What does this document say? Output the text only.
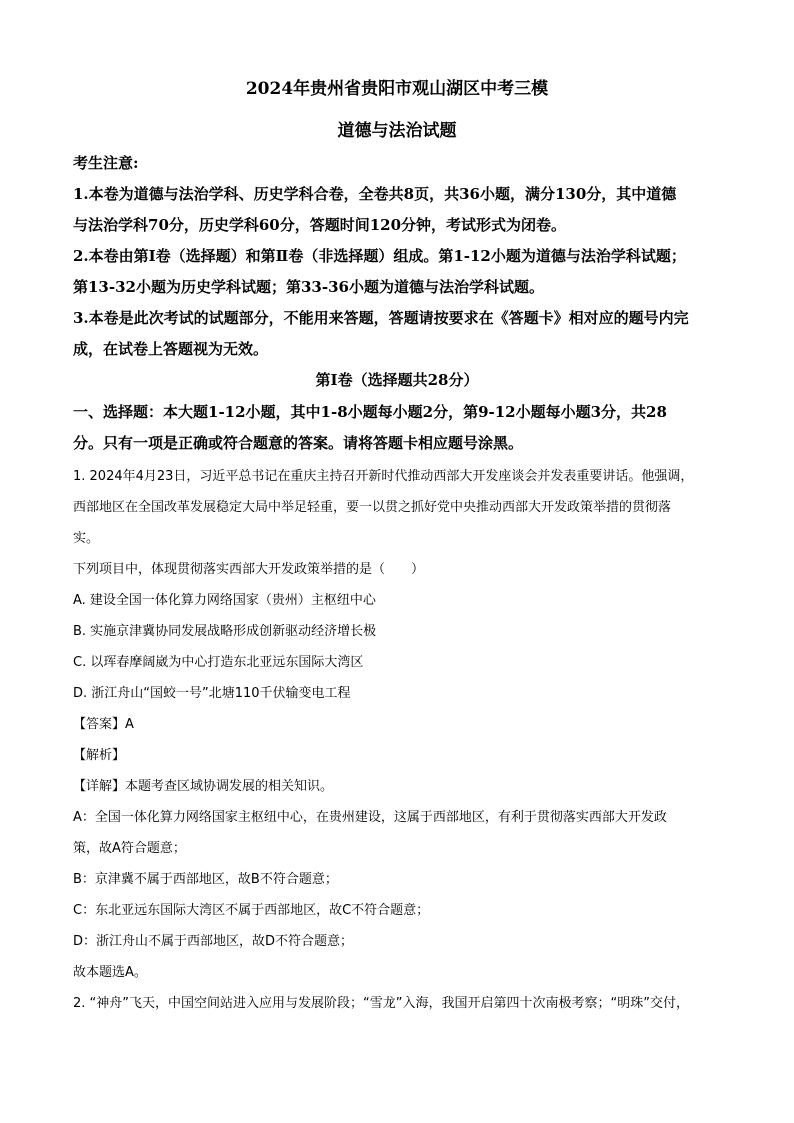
2024年贵州省贵阳市观山湖区中考三模
道德与法治试题
考生注意:
1.本卷为道德与法治学科、历史学科合卷，全卷共8页，共36小题，满分130分，其中道德
与法治学科70分，历史学科60分，答题时间120分钟，考试形式为闭卷。
2.本卷由第Ⅰ卷（选择题）和第Ⅱ卷（非选择题）组成。第1-12小题为道德与法治学科试题；
第13-32小题为历史学科试题；第33-36小题为道德与法治学科试题。
3.本卷是此次考试的试题部分，不能用来答题，答题请按要求在《答题卡》相对应的题号内完
成，在试卷上答题视为无效。
第Ⅰ卷（选择题共28分）
一、选择题：本大题1-12小题，其中1-8小题每小题2分，第9-12小题每小题3分，共28
分。只有一项是正确或符合题意的答案。请将答题卡相应题号涂黑。
1. 2024年4月23日，习近平总书记在重庆主持召开新时代推动西部大开发座谈会并发表重要讲话。他强调，
西部地区在全国改革发展稳定大局中举足轻重，要一以贯之抓好党中央推动西部大开发政策举措的贯彻落
实。
下列项目中，体现贯彻落实西部大开发政策举措的是（　　）
A. 建设全国一体化算力网络国家（贵州）主枢纽中心
B. 实施京津冀协同发展战略形成创新驱动经济增长极
C. 以珲春摩阔崴为中心打造东北亚远东国际大湾区
D. 浙江舟山“国蛟一号”北塘110千伏输变电工程
【答案】A
【解析】
【详解】本题考查区域协调发展的相关知识。
A：全国一体化算力网络国家主枢纽中心，在贵州建设，这属于西部地区，有利于贯彻落实西部大开发政
策，故A符合题意；
B：京津冀不属于西部地区，故B不符合题意；
C：东北亚远东国际大湾区不属于西部地区，故C不符合题意；
D：浙江舟山不属于西部地区，故D不符合题意；
故本题选A。
2. “神舟”飞天，中国空间站进入应用与发展阶段；“雪龙”入海，我国开启第四十次南极考察；“明珠”交付，
